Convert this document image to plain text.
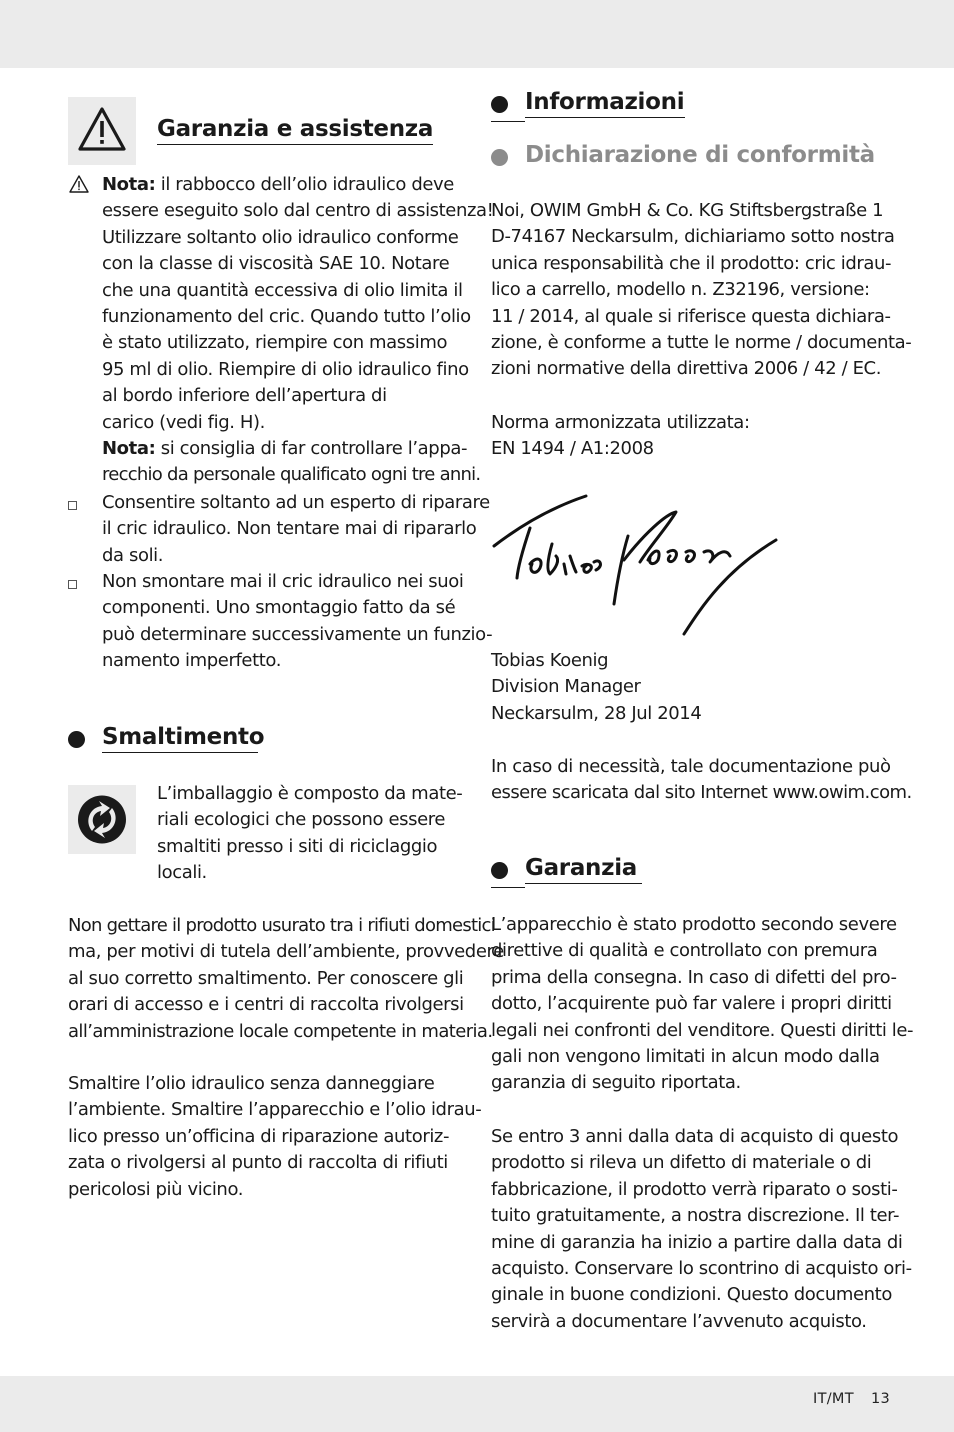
Garanzia e assistenza

Nota: il rabbocco dell’olio idraulico deve

essere eseguito solo dal centro di assistenza!

Utilizzare soltanto olio idraulico conforme

con la classe di viscosità SAE 10. Notare

che una quantità eccessiva di olio limita il

funzionamento del cric. Quando tutto l’olio

è stato utilizzato, riempire con massimo

95 ml di olio. Riempire di olio idraulico fino

al bordo inferiore dell’apertura di

carico (vedi fig. H).

Nota: si consiglia di far controllare l’appa-

recchio da personale qualificato ogni tre anni.

Consentire soltanto ad un esperto di riparare

il cric idraulico. Non tentare mai di ripararlo

da soli.

Non smontare mai il cric idraulico nei suoi

componenti. Uno smontaggio fatto da sé

può determinare successivamente un funzio-

namento imperfetto.

Smaltimento

L’imballaggio è composto da mate-

riali ecologici che possono essere

smaltiti presso i siti di riciclaggio

locali.

Non gettare il prodotto usurato tra i rifiuti domestici

ma, per motivi di tutela dell’ambiente, provvedere

al suo corretto smaltimento. Per conoscere gli

orari di accesso e i centri di raccolta rivolgersi

all’amministrazione locale competente in materia.

Smaltire l’olio idraulico senza danneggiare

l’ambiente. Smaltire l’apparecchio e l’olio idrau-

lico presso un’officina di riparazione autoriz-

zata o rivolgersi al punto di raccolta di rifiuti

pericolosi più vicino.

Informazioni
Dichiarazione di conformità

Noi, OWIM GmbH & Co. KG Stiftsbergstraße 1

D-74167 Neckarsulm, dichiariamo sotto nostra

unica responsabilità che il prodotto: cric idrau-

lico a carrello, modello n. Z32196, versione:

11 / 2014, al quale si riferisce questa dichiara-

zione, è conforme a tutte le norme / documenta-

zioni normative della direttiva 2006 / 42 / EC.

Norma armonizzata utilizzata:

EN 1494 / A1:2008

Tobias Koenig

Division Manager

Neckarsulm, 28 Jul 2014

In caso di necessità, tale documentazione può

essere scaricata dal sito Internet www.owim.com.

Garanzia

L’apparecchio è stato prodotto secondo severe

direttive di qualità e controllato con premura

prima della consegna. In caso di difetti del pro-

dotto, l’acquirente può far valere i propri diritti

legali nei confronti del venditore. Questi diritti le-

gali non vengono limitati in alcun modo dalla

garanzia di seguito riportata.

Se entro 3 anni dalla data di acquisto di questo

prodotto si rileva un difetto di materiale o di

fabbricazione, il prodotto verrà riparato o sosti-

tuito gratuitamente, a nostra discrezione. Il ter-

mine di garanzia ha inizio a partire dalla data di

acquisto. Conservare lo scontrino di acquisto ori-

ginale in buone condizioni. Questo documento

servirà a documentare l’avvenuto acquisto.

IT/MT 13
